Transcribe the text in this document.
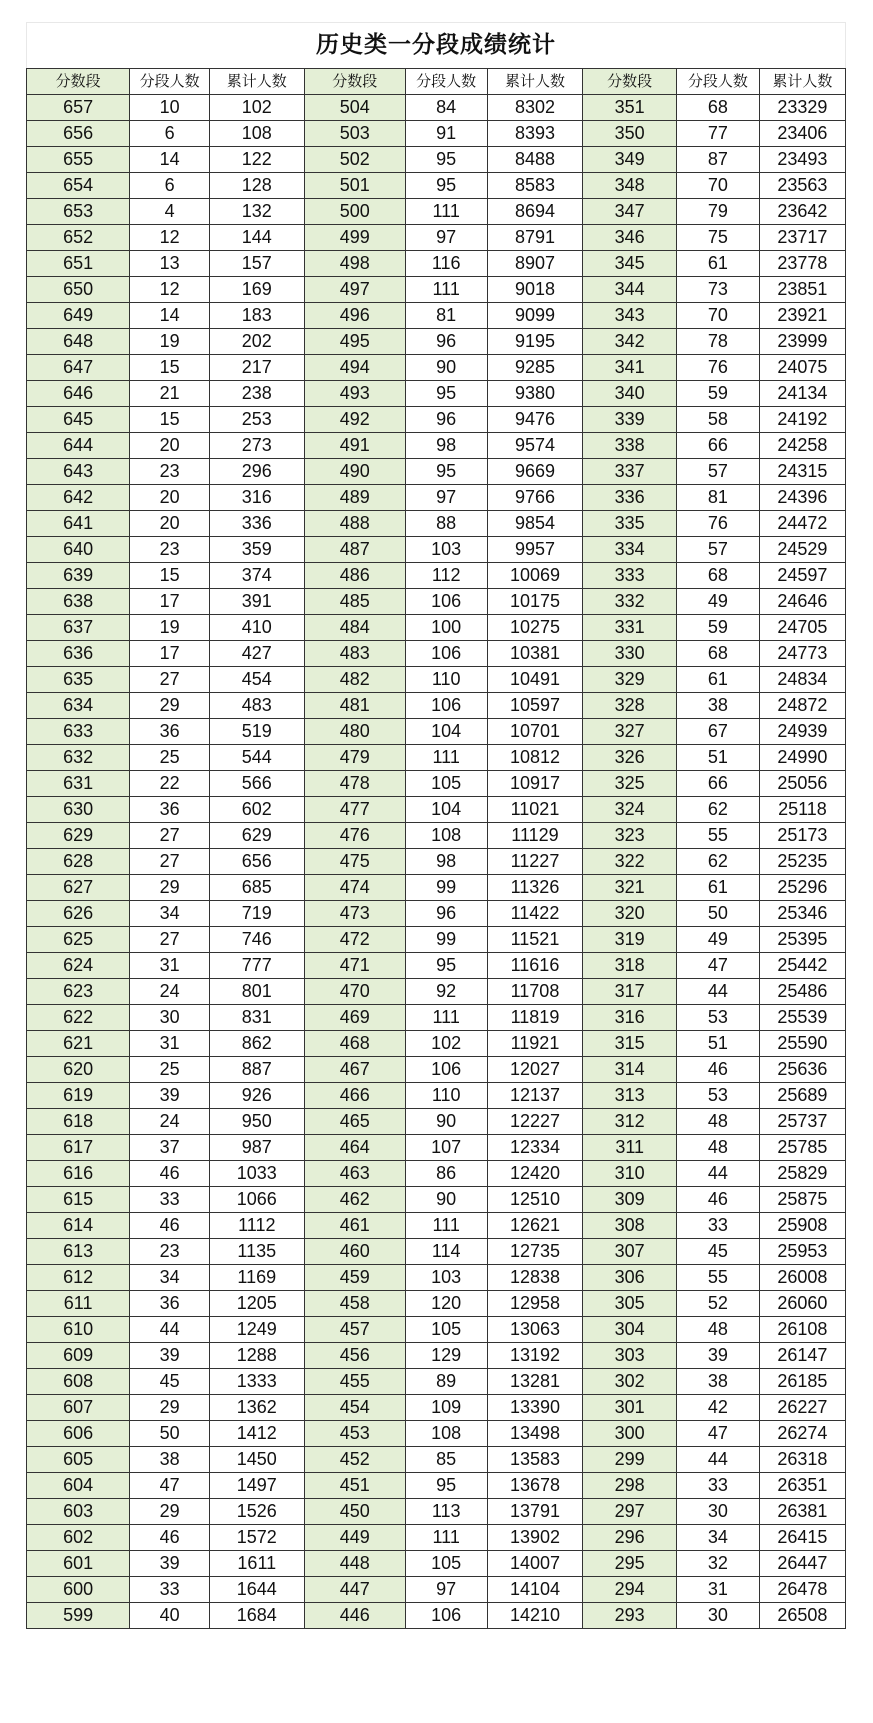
历史类一分段成绩统计
分数段	分段人数	累计人数	分数段	分段人数	累计人数	分数段	分段人数	累计人数
657	10	102	504	84	8302	351	68	23329
656	6	108	503	91	8393	350	77	23406
655	14	122	502	95	8488	349	87	23493
654	6	128	501	95	8583	348	70	23563
653	4	132	500	111	8694	347	79	23642
652	12	144	499	97	8791	346	75	23717
651	13	157	498	116	8907	345	61	23778
650	12	169	497	111	9018	344	73	23851
649	14	183	496	81	9099	343	70	23921
648	19	202	495	96	9195	342	78	23999
647	15	217	494	90	9285	341	76	24075
646	21	238	493	95	9380	340	59	24134
645	15	253	492	96	9476	339	58	24192
644	20	273	491	98	9574	338	66	24258
643	23	296	490	95	9669	337	57	24315
642	20	316	489	97	9766	336	81	24396
641	20	336	488	88	9854	335	76	24472
640	23	359	487	103	9957	334	57	24529
639	15	374	486	112	10069	333	68	24597
638	17	391	485	106	10175	332	49	24646
637	19	410	484	100	10275	331	59	24705
636	17	427	483	106	10381	330	68	24773
635	27	454	482	110	10491	329	61	24834
634	29	483	481	106	10597	328	38	24872
633	36	519	480	104	10701	327	67	24939
632	25	544	479	111	10812	326	51	24990
631	22	566	478	105	10917	325	66	25056
630	36	602	477	104	11021	324	62	25118
629	27	629	476	108	11129	323	55	25173
628	27	656	475	98	11227	322	62	25235
627	29	685	474	99	11326	321	61	25296
626	34	719	473	96	11422	320	50	25346
625	27	746	472	99	11521	319	49	25395
624	31	777	471	95	11616	318	47	25442
623	24	801	470	92	11708	317	44	25486
622	30	831	469	111	11819	316	53	25539
621	31	862	468	102	11921	315	51	25590
620	25	887	467	106	12027	314	46	25636
619	39	926	466	110	12137	313	53	25689
618	24	950	465	90	12227	312	48	25737
617	37	987	464	107	12334	311	48	25785
616	46	1033	463	86	12420	310	44	25829
615	33	1066	462	90	12510	309	46	25875
614	46	1112	461	111	12621	308	33	25908
613	23	1135	460	114	12735	307	45	25953
612	34	1169	459	103	12838	306	55	26008
611	36	1205	458	120	12958	305	52	26060
610	44	1249	457	105	13063	304	48	26108
609	39	1288	456	129	13192	303	39	26147
608	45	1333	455	89	13281	302	38	26185
607	29	1362	454	109	13390	301	42	26227
606	50	1412	453	108	13498	300	47	26274
605	38	1450	452	85	13583	299	44	26318
604	47	1497	451	95	13678	298	33	26351
603	29	1526	450	113	13791	297	30	26381
602	46	1572	449	111	13902	296	34	26415
601	39	1611	448	105	14007	295	32	26447
600	33	1644	447	97	14104	294	31	26478
599	40	1684	446	106	14210	293	30	26508
